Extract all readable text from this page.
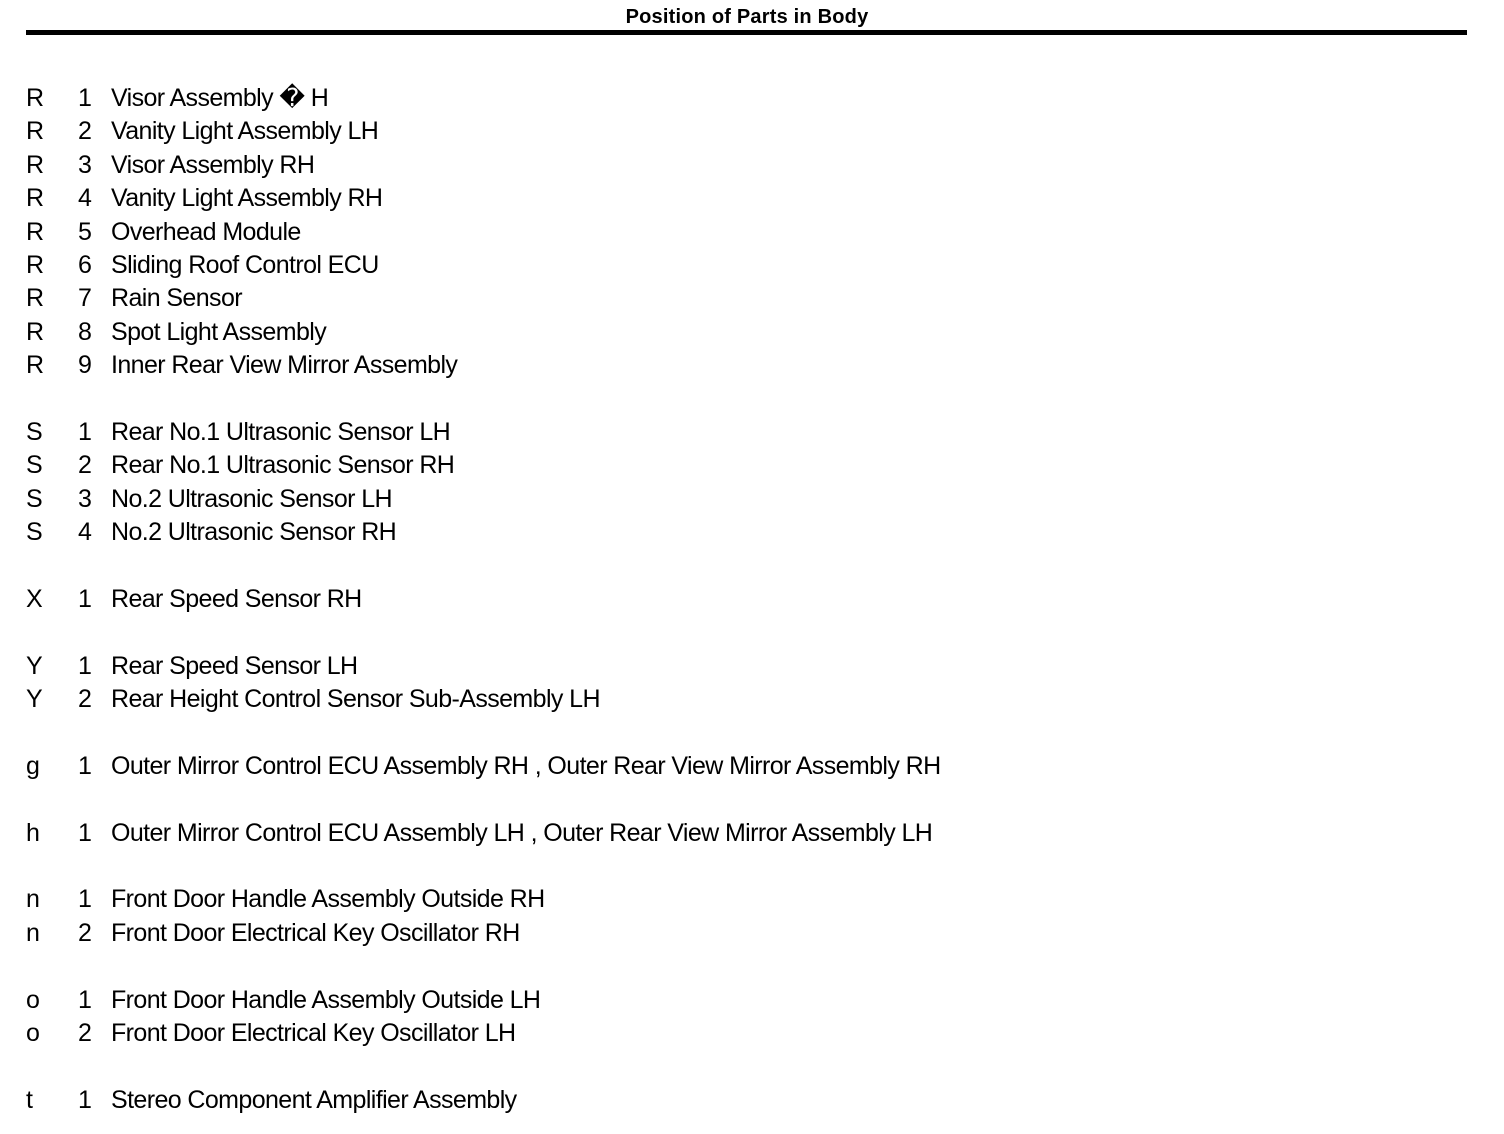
Position of Parts in Body
R	1 Visor Assembly � H
R	2 Vanity Light Assembly LH
R	3 Visor Assembly RH
R	4 Vanity Light Assembly RH
R	5 Overhead Module
R	6 Sliding Roof Control ECU
R	7 Rain Sensor
R	8 Spot Light Assembly
R	9 Inner Rear View Mirror Assembly
S	1 Rear No.1 Ultrasonic Sensor LH
S	2 Rear No.1 Ultrasonic Sensor RH
S	3 No.2 Ultrasonic Sensor LH
S	4 No.2 Ultrasonic Sensor RH
X	1 Rear Speed Sensor RH
Y	1 Rear Speed Sensor LH
Y	2 Rear Height Control Sensor Sub-Assembly LH
g	1 Outer Mirror Control ECU Assembly RH , Outer Rear View Mirror Assembly RH
h	1 Outer Mirror Control ECU Assembly LH , Outer Rear View Mirror Assembly LH
n	1 Front Door Handle Assembly Outside RH
n	2 Front Door Electrical Key Oscillator RH
o	1 Front Door Handle Assembly Outside LH
o	2 Front Door Electrical Key Oscillator LH
t	1 Stereo Component Amplifier Assembly
